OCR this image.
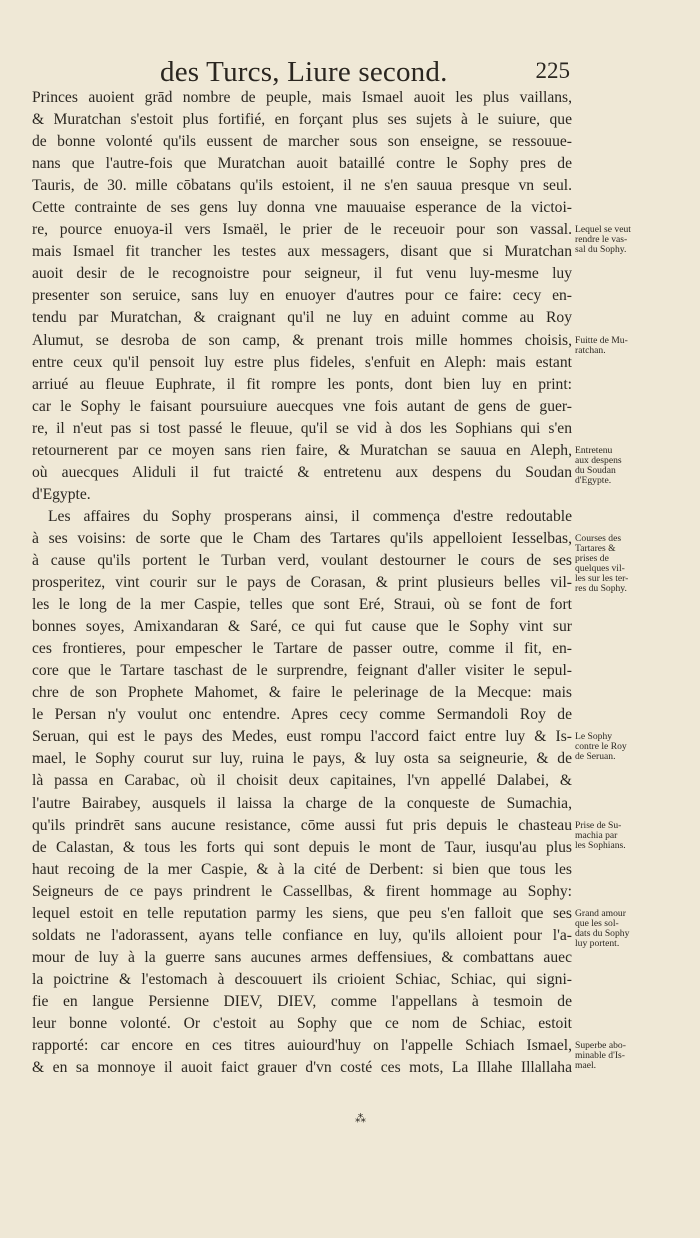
des Turcs, Liure second.	225
Princes auoient grād nombre de peuple, mais Ismael auoit les plus vaillans,
& Muratchan s'estoit plus fortifié, en forçant plus ses sujets à le suiure, que
de bonne volonté qu'ils eussent de marcher sous son enseigne, se ressouue-
nans que l'autre-fois que Muratchan auoit bataillé contre le Sophy pres de
Tauris, de 30. mille cōbatans qu'ils estoient, il ne s'en sauua presque vn seul.
Cette contrainte de ses gens luy donna vne mauuaise esperance de la victoi-
re, pource enuoya-il vers Ismaël, le prier de le receuoir pour son vassal.
mais Ismael fit trancher les testes aux messagers, disant que si Muratchan
auoit desir de le recognoistre pour seigneur, il fut venu luy-mesme luy
presenter son seruice, sans luy en enuoyer d'autres pour ce faire: cecy en-
tendu par Muratchan, & craignant qu'il ne luy en aduint comme au Roy
Alumut, se desroba de son camp, & prenant trois mille hommes choisis,
entre ceux qu'il pensoit luy estre plus fideles, s'enfuit en Aleph: mais estant
arriué au fleuue Euphrate, il fit rompre les ponts, dont bien luy en print:
car le Sophy le faisant poursuiure auecques vne fois autant de gens de guer-
re, il n'eut pas si tost passé le fleuue, qu'il se vid à dos les Sophians qui s'en
retournerent par ce moyen sans rien faire, & Muratchan se sauua en Aleph,
où auecques Aliduli il fut traicté & entretenu aux despens du Soudan
d'Egypte.
Les affaires du Sophy prosperans ainsi, il commença d'estre redoutable
à ses voisins: de sorte que le Cham des Tartares qu'ils appelloient Iesselbas,
à cause qu'ils portent le Turban verd, voulant destourner le cours de ses
prosperitez, vint courir sur le pays de Corasan, & print plusieurs belles vil-
les le long de la mer Caspie, telles que sont Eré, Straui, où se font de fort
bonnes soyes, Amixandaran & Saré, ce qui fut cause que le Sophy vint sur
ces frontieres, pour empescher le Tartare de passer outre, comme il fit, en-
core que le Tartare taschast de le surprendre, feignant d'aller visiter le sepul-
chre de son Prophete Mahomet, & faire le pelerinage de la Mecque: mais
le Persan n'y voulut onc entendre. Apres cecy comme Sermandoli Roy de
Seruan, qui est le pays des Medes, eust rompu l'accord faict entre luy & Is-
mael, le Sophy courut sur luy, ruina le pays, & luy osta sa seigneurie, & de
là passa en Carabac, où il choisit deux capitaines, l'vn appellé Dalabei, &
l'autre Bairabey, ausquels il laissa la charge de la conqueste de Sumachia,
qu'ils prindrēt sans aucune resistance, cōme aussi fut pris depuis le chasteau
de Calastan, & tous les forts qui sont depuis le mont de Taur, iusqu'au plus
haut recoing de la mer Caspie, & à la cité de Derbent: si bien que tous les
Seigneurs de ce pays prindrent le Cassellbas, & firent hommage au Sophy:
lequel estoit en telle reputation parmy les siens, que peu s'en falloit que ses
soldats ne l'adorassent, ayans telle confiance en luy, qu'ils alloient pour l'a-
mour de luy à la guerre sans aucunes armes deffensiues, & combattans auec
la poictrine & l'estomach à descouuert ils crioient Schiac, Schiac, qui signi-
fie en langue Persienne DIEV, DIEV, comme l'appellans à tesmoin de
leur bonne volonté. Or c'estoit au Sophy que ce nom de Schiac, estoit
rapporté: car encore en ces titres auiourd'huy on l'appelle Schiach Ismael,
& en sa monnoye il auoit faict grauer d'vn costé ces mots, La Illahe Illallaha
Lequel se veut
rendre le vas-
sal du Sophy.
Fuitte de Mu-
ratchan.
Entretenu
aux despens
du Soudan
d'Egypte.
Courses des
Tartares &
prises de
quelques vil-
les sur les ter-
res du Sophy.
Le Sophy
contre le Roy
de Seruan.
Prise de Su-
machia par
les Sophians.
Grand amour
que les sol-
dats du Sophy
luy portent.
Superbe abo-
minable d'Is-
mael.
⁂
